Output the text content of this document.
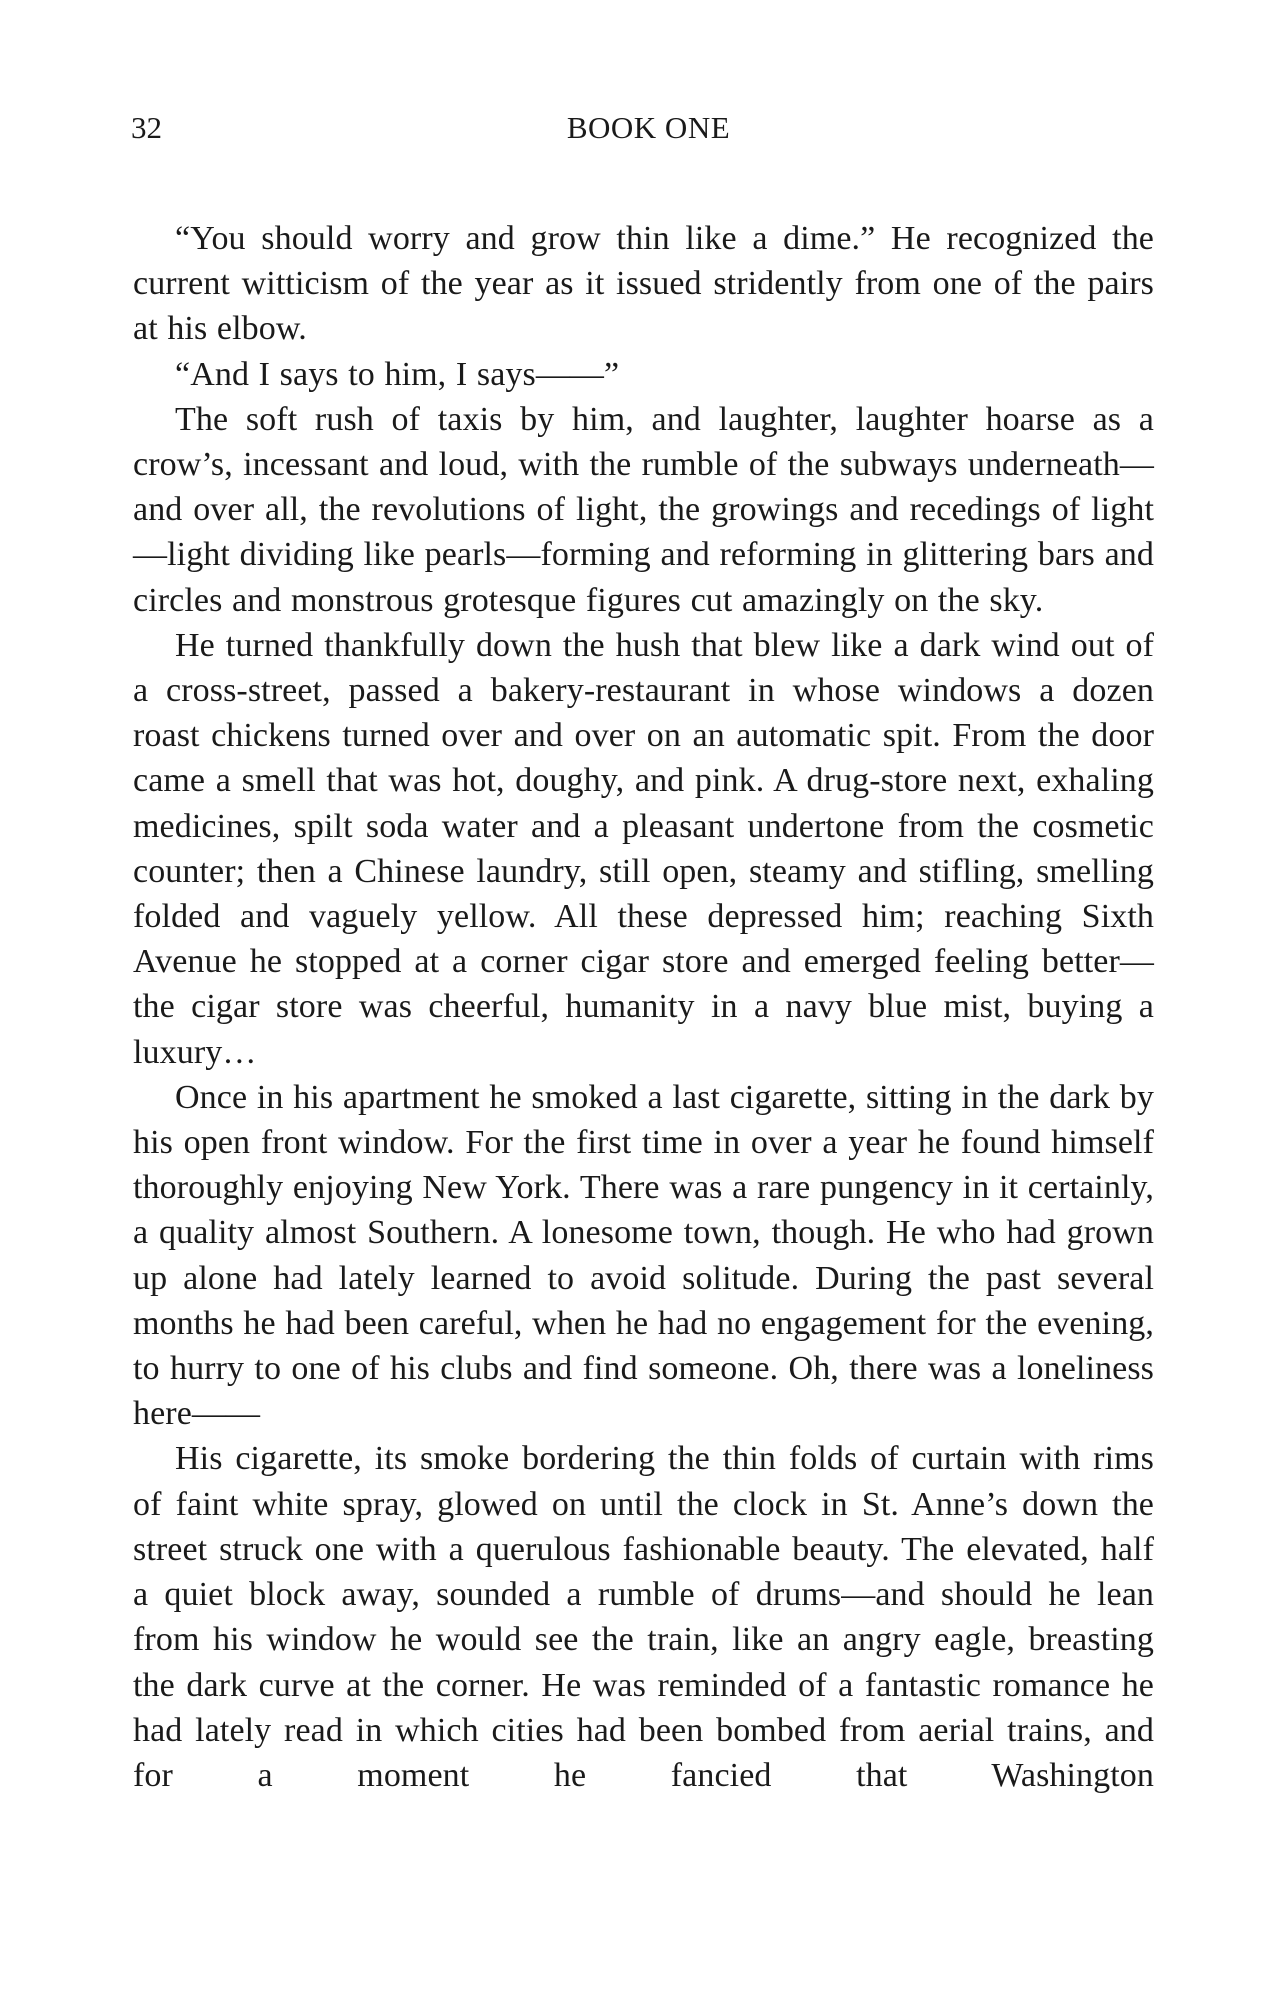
32	BOOK ONE

“You should worry and grow thin like a dime.” He recognized the current witticism of the year as it issued stridently from one of the pairs at his elbow.

“And I says to him, I says——”

The soft rush of taxis by him, and laughter, laughter hoarse as a crow’s, incessant and loud, with the rumble of the subways underneath—and over all, the revolutions of light, the growings and recedings of light—light dividing like pearls—forming and reforming in glittering bars and circles and monstrous grotesque figures cut amazingly on the sky.

He turned thankfully down the hush that blew like a dark wind out of a cross-street, passed a bakery-restaurant in whose windows a dozen roast chickens turned over and over on an automatic spit. From the door came a smell that was hot, doughy, and pink. A drug-store next, exhaling medicines, spilt soda water and a pleasant undertone from the cosmetic counter; then a Chinese laundry, still open, steamy and stifling, smelling folded and vaguely yellow. All these depressed him; reaching Sixth Avenue he stopped at a corner cigar store and emerged feeling better—the cigar store was cheerful, humanity in a navy blue mist, buying a luxury…

Once in his apartment he smoked a last cigarette, sitting in the dark by his open front window. For the first time in over a year he found himself thoroughly enjoying New York. There was a rare pungency in it certainly, a quality almost Southern. A lonesome town, though. He who had grown up alone had lately learned to avoid solitude. During the past several months he had been careful, when he had no engagement for the evening, to hurry to one of his clubs and find someone. Oh, there was a loneliness here——

His cigarette, its smoke bordering the thin folds of curtain with rims of faint white spray, glowed on until the clock in St. Anne’s down the street struck one with a querulous fashionable beauty. The elevated, half a quiet block away, sounded a rumble of drums—and should he lean from his window he would see the train, like an angry eagle, breasting the dark curve at the corner. He was reminded of a fantastic romance he had lately read in which cities had been bombed from aerial trains, and for a moment he fancied that Washington
